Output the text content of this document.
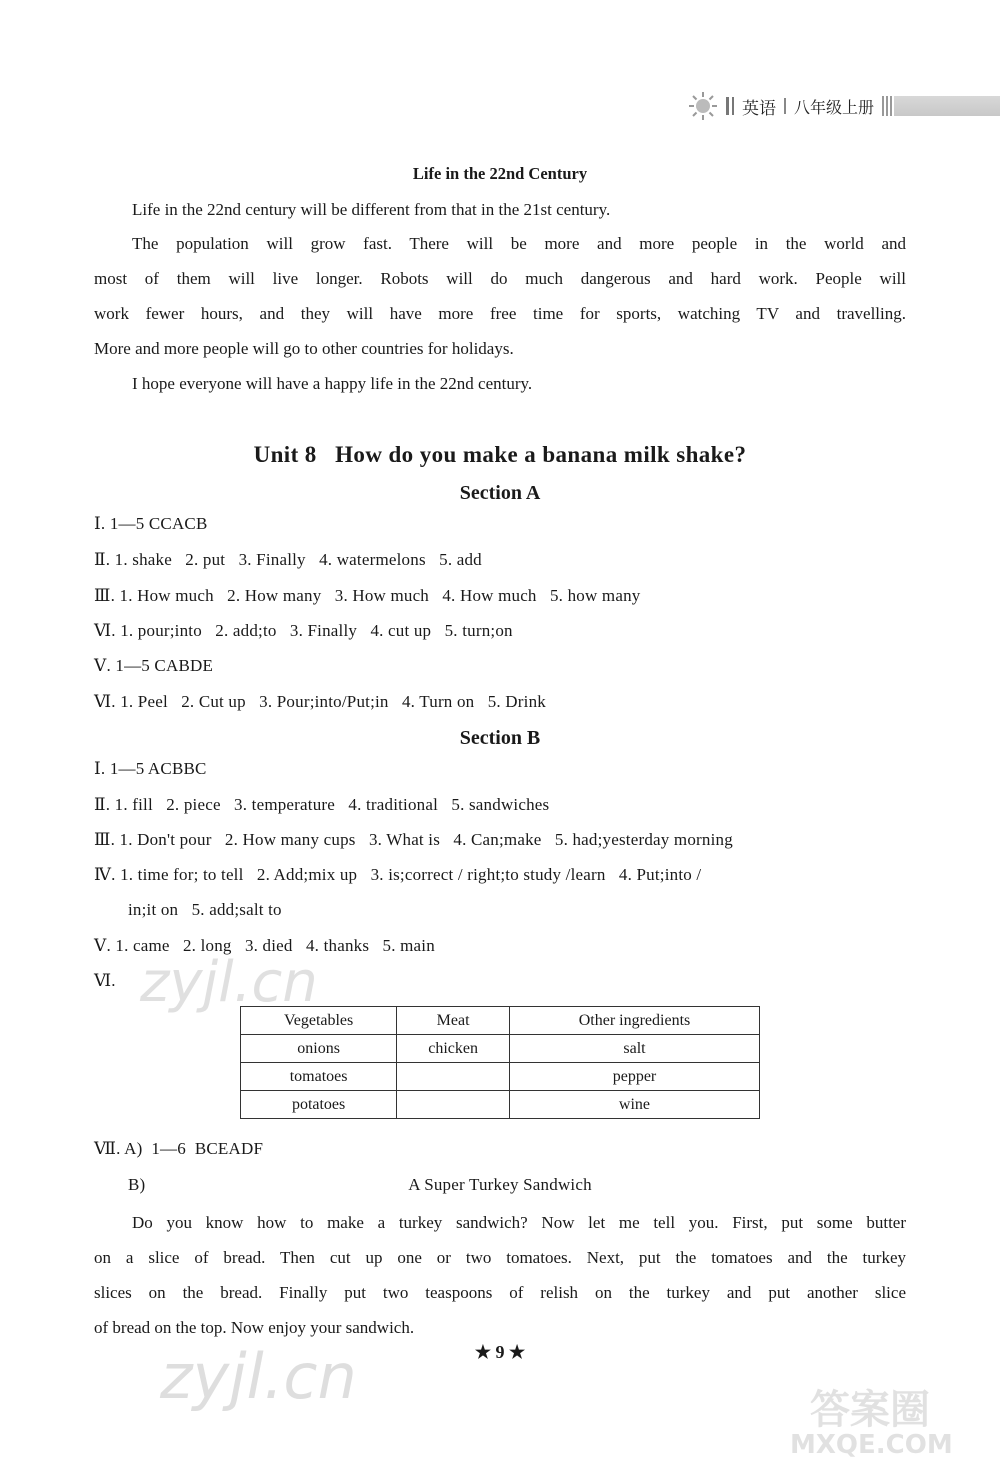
英语 八年级上册
Life in the 22nd Century
Life in the 22nd century will be different from that in the 21st century.
The population will grow fast. There will be more and more people in the world and
most of them will live longer. Robots will do much dangerous and hard work. People will
work fewer hours, and they will have more free time for sports, watching TV and travelling.
More and more people will go to other countries for holidays.
I hope everyone will have a happy life in the 22nd century.
Unit 8   How do you make a banana milk shake?
Section A
Ⅰ. 1—5 CCACB
Ⅱ. 1. shake   2. put   3. Finally   4. watermelons   5. add
Ⅲ. 1. How much   2. How many   3. How much   4. How much   5. how many
Ⅵ. 1. pour;into   2. add;to   3. Finally   4. cut up   5. turn;on
Ⅴ. 1—5 CABDE
Ⅵ. 1. Peel   2. Cut up   3. Pour;into/Put;in   4. Turn on   5. Drink
Section B
Ⅰ. 1—5 ACBBC
Ⅱ. 1. fill   2. piece   3. temperature   4. traditional   5. sandwiches
Ⅲ. 1. Don't pour   2. How many cups   3. What is   4. Can;make   5. had;yesterday morning
Ⅳ. 1. time for; to tell   2. Add;mix up   3. is;correct / right;to study /learn   4. Put;into /
in;it on   5. add;salt to
Ⅴ. 1. came   2. long   3. died   4. thanks   5. main
Ⅵ.
Vegetables	Meat	Other ingredients
onions	chicken	salt
tomatoes		pepper
potatoes		wine
Ⅶ. A)  1—6  BCEADF
B)	A Super Turkey Sandwich
Do you know how to make a turkey sandwich? Now let me tell you. First, put some butter
on a slice of bread. Then cut up one or two tomatoes. Next, put the tomatoes and the turkey
slices on the bread. Finally put two teaspoons of relish on the turkey and put another slice
of bread on the top. Now enjoy your sandwich.
★ 9 ★
zyjl.cn
zyjl.cn	答案圈
MXQE.COM
